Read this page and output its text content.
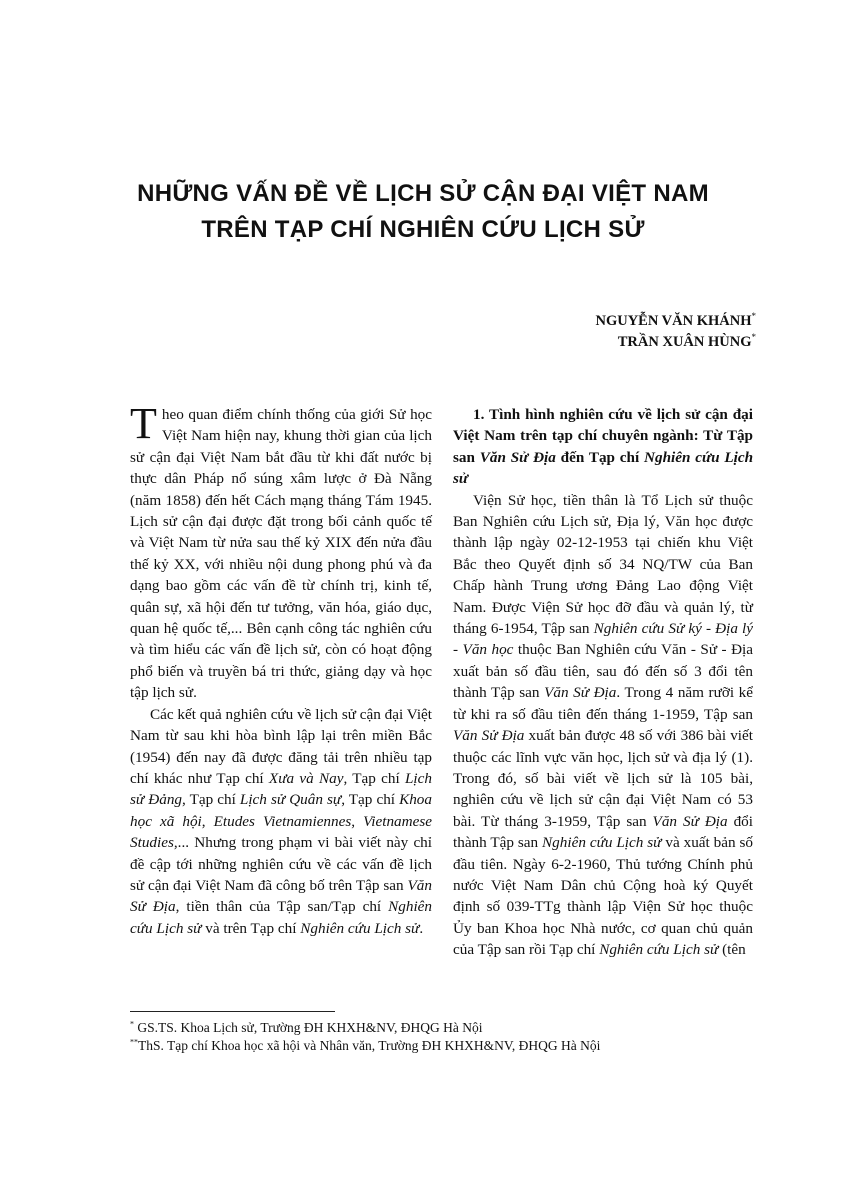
NHỮNG VẤN ĐỀ VỀ LỊCH SỬ CẬN ĐẠI VIỆT NAM
TRÊN TẠP CHÍ NGHIÊN CỨU LỊCH SỬ
NGUYỄN VĂN KHÁNH*
TRẦN XUÂN HÙNG*

Theo quan điểm chính thống của giới Sử học Việt Nam hiện nay, khung thời gian của lịch sử cận đại Việt Nam bắt đầu từ khi đất nước bị thực dân Pháp nổ súng xâm lược ở Đà Nẵng (năm 1858) đến hết Cách mạng tháng Tám 1945. Lịch sử cận đại được đặt trong bối cảnh quốc tế và Việt Nam từ nửa sau thế kỷ XIX đến nửa đầu thế kỷ XX, với nhiều nội dung phong phú và đa dạng bao gồm các vấn đề từ chính trị, kinh tế, quân sự, xã hội đến tư tưởng, văn hóa, giáo dục, quan hệ quốc tế,... Bên cạnh công tác nghiên cứu và tìm hiểu các vấn đề lịch sử, còn có hoạt động phổ biến và truyền bá tri thức, giảng dạy và học tập lịch sử.

Các kết quả nghiên cứu về lịch sử cận đại Việt Nam từ sau khi hòa bình lập lại trên miền Bắc (1954) đến nay đã được đăng tải trên nhiều tạp chí khác như Tạp chí Xưa và Nay, Tạp chí Lịch sử Đảng, Tạp chí Lịch sử Quân sự, Tạp chí Khoa học xã hội, Etudes Vietnamiennes, Vietnamese Studies,... Nhưng trong phạm vi bài viết này chỉ đề cập tới những nghiên cứu về các vấn đề lịch sử cận đại Việt Nam đã công bố trên Tập san Văn Sử Địa, tiền thân của Tập san/Tạp chí Nghiên cứu Lịch sử và trên Tạp chí Nghiên cứu Lịch sử.

1. Tình hình nghiên cứu về lịch sử cận đại Việt Nam trên tạp chí chuyên ngành: Từ Tập san Văn Sử Địa đến Tạp chí Nghiên cứu Lịch sử

Viện Sử học, tiền thân là Tổ Lịch sử thuộc Ban Nghiên cứu Lịch sử, Địa lý, Văn học được thành lập ngày 02-12-1953 tại chiến khu Việt Bắc theo Quyết định số 34 NQ/TW của Ban Chấp hành Trung ương Đảng Lao động Việt Nam. Được Viện Sử học đỡ đầu và quản lý, từ tháng 6-1954, Tập san Nghiên cứu Sử ký - Địa lý - Văn học thuộc Ban Nghiên cứu Văn - Sử - Địa xuất bản số đầu tiên, sau đó đến số 3 đổi tên thành Tập san Văn Sử Địa. Trong 4 năm rưỡi kể từ khi ra số đầu tiên đến tháng 1-1959, Tập san Văn Sử Địa xuất bản được 48 số với 386 bài viết thuộc các lĩnh vực văn học, lịch sử và địa lý (1). Trong đó, số bài viết về lịch sử là 105 bài, nghiên cứu về lịch sử cận đại Việt Nam có 53 bài. Từ tháng 3-1959, Tập san Văn Sử Địa đổi thành Tập san Nghiên cứu Lịch sử và xuất bản số đầu tiên. Ngày 6-2-1960, Thủ tướng Chính phủ nước Việt Nam Dân chủ Cộng hoà ký Quyết định số 039-TTg thành lập Viện Sử học thuộc Ủy ban Khoa học Nhà nước, cơ quan chủ quản của Tập san rồi Tạp chí Nghiên cứu Lịch sử (tên

* GS.TS. Khoa Lịch sử, Trường ĐH KHXH&NV, ĐHQG Hà Nội
**ThS. Tạp chí Khoa học xã hội và Nhân văn, Trường ĐH KHXH&NV, ĐHQG Hà Nội
